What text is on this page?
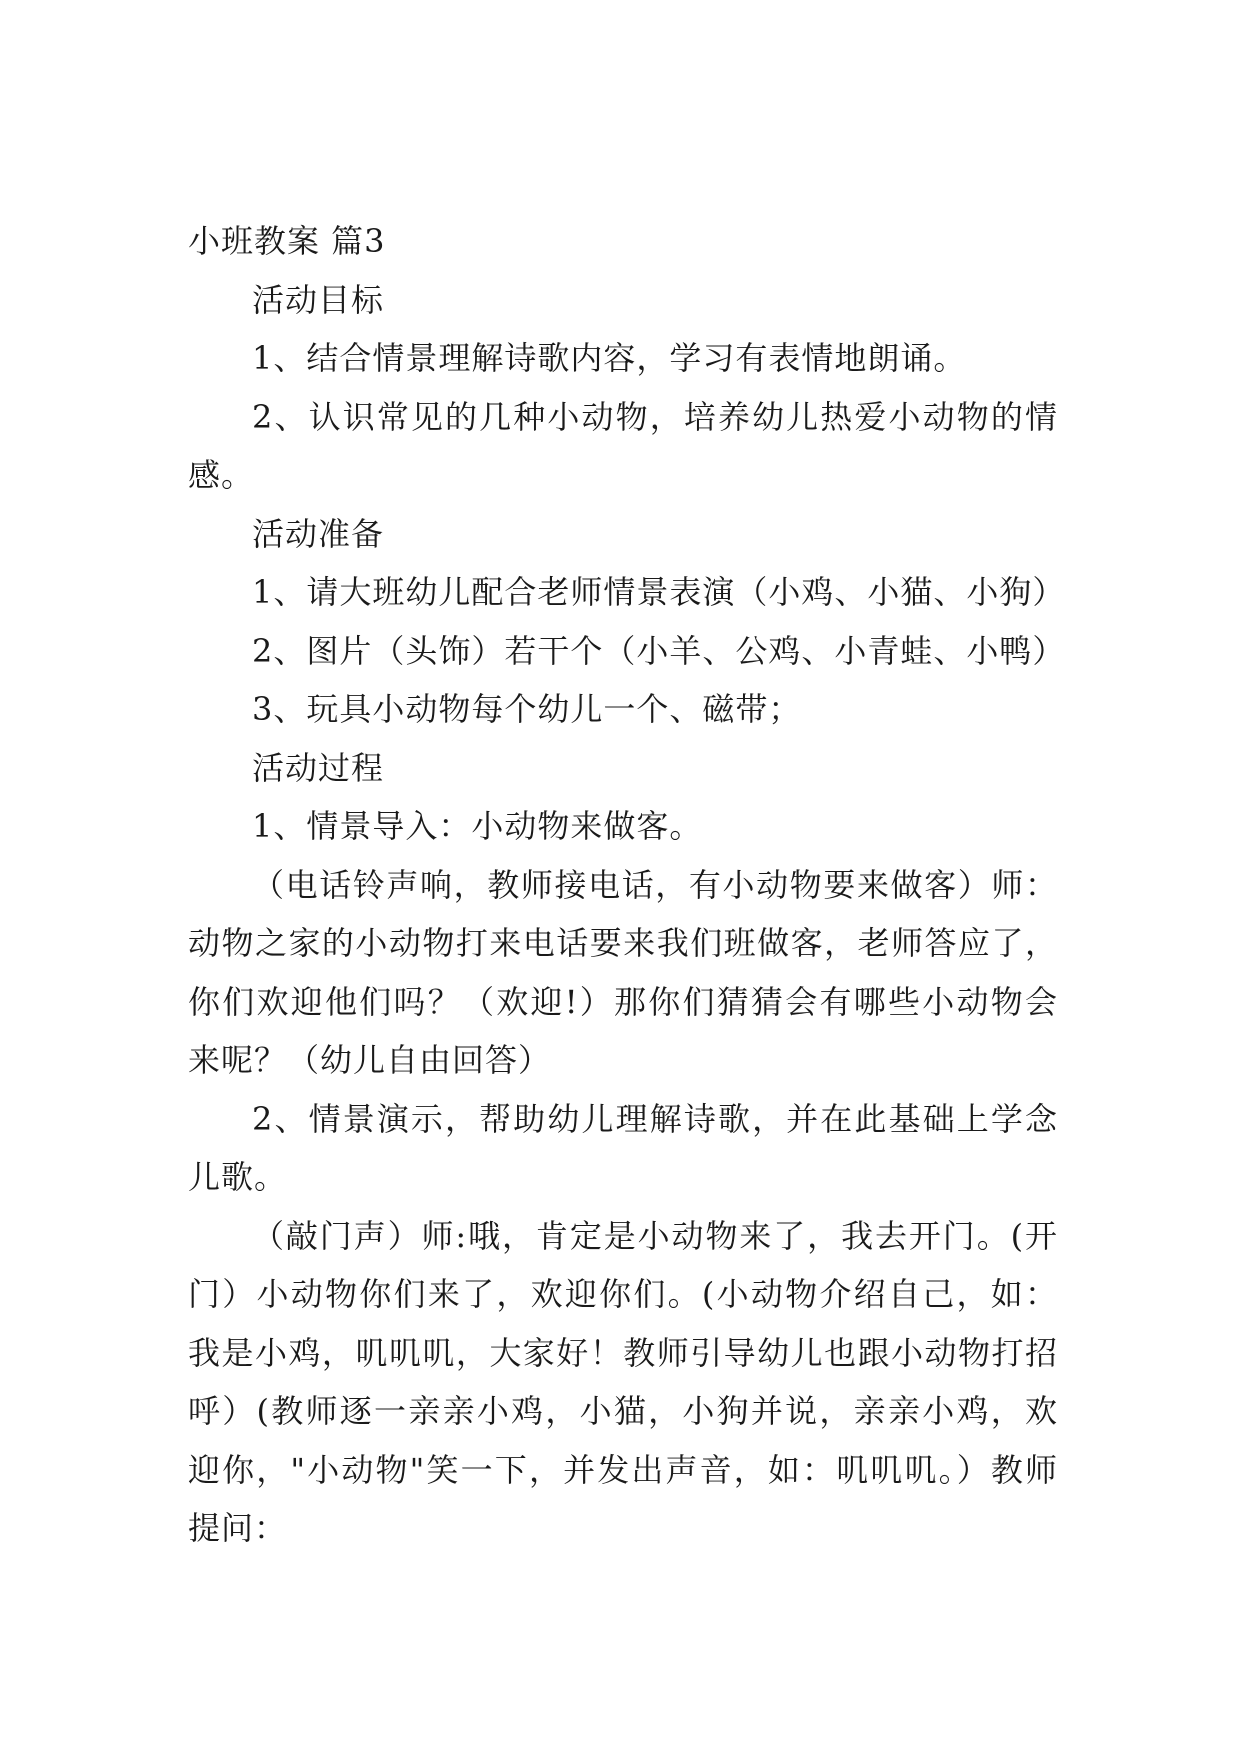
小班教案 篇3

活动目标

1、结合情景理解诗歌内容，学习有表情地朗诵。

2、认识常见的几种小动物，培养幼儿热爱小动物的情感。

活动准备

1、请大班幼儿配合老师情景表演（小鸡、小猫、小狗）

2、图片（头饰）若干个（小羊、公鸡、小青蛙、小鸭）

3、玩具小动物每个幼儿一个、磁带；

活动过程

1、情景导入：小动物来做客。

（电话铃声响，教师接电话，有小动物要来做客）师：动物之家的小动物打来电话要来我们班做客，老师答应了，你们欢迎他们吗？（欢迎!）那你们猜猜会有哪些小动物会来呢？（幼儿自由回答）

2、情景演示，帮助幼儿理解诗歌，并在此基础上学念儿歌。

（敲门声）师:哦，肯定是小动物来了，我去开门。(开门）小动物你们来了，欢迎你们。(小动物介绍自己，如：我是小鸡，叽叽叽，大家好！教师引导幼儿也跟小动物打招呼）(教师逐一亲亲小鸡，小猫，小狗并说，亲亲小鸡，欢迎你，"小动物"笑一下，并发出声音，如：叽叽叽。）教师提问：
